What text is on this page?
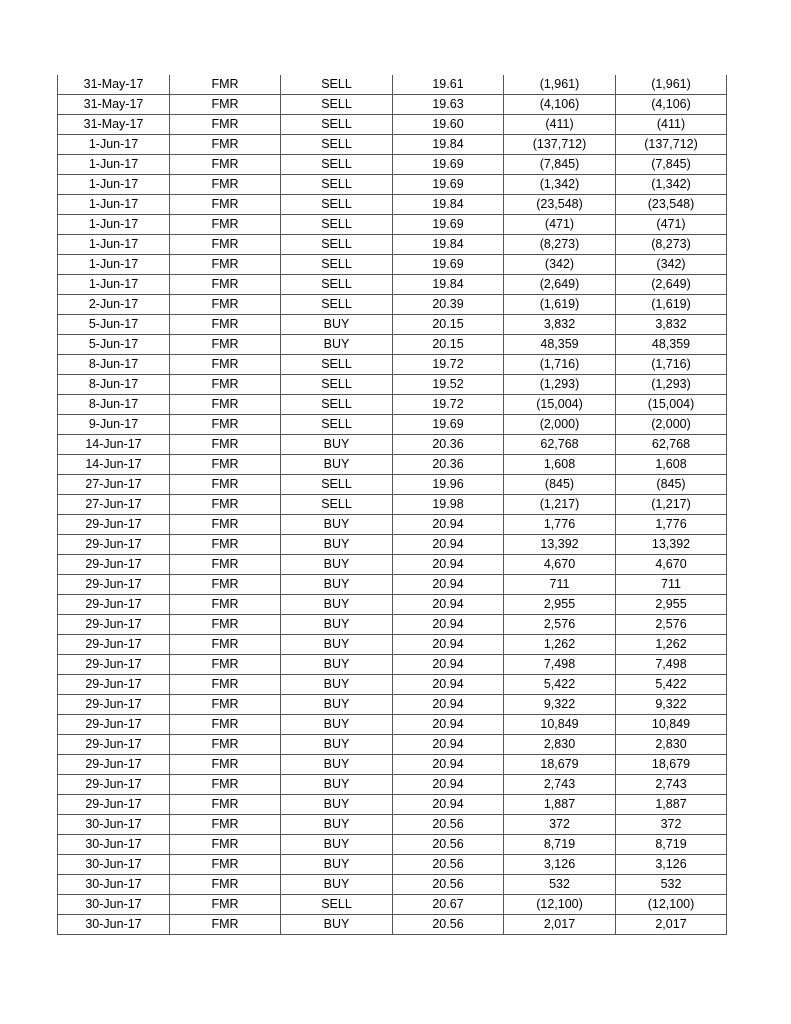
31-May-17	FMR	SELL	19.61	(1,961)	(1,961)
31-May-17	FMR	SELL	19.63	(4,106)	(4,106)
31-May-17	FMR	SELL	19.60	(411)	(411)
1-Jun-17	FMR	SELL	19.84	(137,712)	(137,712)
1-Jun-17	FMR	SELL	19.69	(7,845)	(7,845)
1-Jun-17	FMR	SELL	19.69	(1,342)	(1,342)
1-Jun-17	FMR	SELL	19.84	(23,548)	(23,548)
1-Jun-17	FMR	SELL	19.69	(471)	(471)
1-Jun-17	FMR	SELL	19.84	(8,273)	(8,273)
1-Jun-17	FMR	SELL	19.69	(342)	(342)
1-Jun-17	FMR	SELL	19.84	(2,649)	(2,649)
2-Jun-17	FMR	SELL	20.39	(1,619)	(1,619)
5-Jun-17	FMR	BUY	20.15	3,832	3,832
5-Jun-17	FMR	BUY	20.15	48,359	48,359
8-Jun-17	FMR	SELL	19.72	(1,716)	(1,716)
8-Jun-17	FMR	SELL	19.52	(1,293)	(1,293)
8-Jun-17	FMR	SELL	19.72	(15,004)	(15,004)
9-Jun-17	FMR	SELL	19.69	(2,000)	(2,000)
14-Jun-17	FMR	BUY	20.36	62,768	62,768
14-Jun-17	FMR	BUY	20.36	1,608	1,608
27-Jun-17	FMR	SELL	19.96	(845)	(845)
27-Jun-17	FMR	SELL	19.98	(1,217)	(1,217)
29-Jun-17	FMR	BUY	20.94	1,776	1,776
29-Jun-17	FMR	BUY	20.94	13,392	13,392
29-Jun-17	FMR	BUY	20.94	4,670	4,670
29-Jun-17	FMR	BUY	20.94	711	711
29-Jun-17	FMR	BUY	20.94	2,955	2,955
29-Jun-17	FMR	BUY	20.94	2,576	2,576
29-Jun-17	FMR	BUY	20.94	1,262	1,262
29-Jun-17	FMR	BUY	20.94	7,498	7,498
29-Jun-17	FMR	BUY	20.94	5,422	5,422
29-Jun-17	FMR	BUY	20.94	9,322	9,322
29-Jun-17	FMR	BUY	20.94	10,849	10,849
29-Jun-17	FMR	BUY	20.94	2,830	2,830
29-Jun-17	FMR	BUY	20.94	18,679	18,679
29-Jun-17	FMR	BUY	20.94	2,743	2,743
29-Jun-17	FMR	BUY	20.94	1,887	1,887
30-Jun-17	FMR	BUY	20.56	372	372
30-Jun-17	FMR	BUY	20.56	8,719	8,719
30-Jun-17	FMR	BUY	20.56	3,126	3,126
30-Jun-17	FMR	BUY	20.56	532	532
30-Jun-17	FMR	SELL	20.67	(12,100)	(12,100)
30-Jun-17	FMR	BUY	20.56	2,017	2,017
